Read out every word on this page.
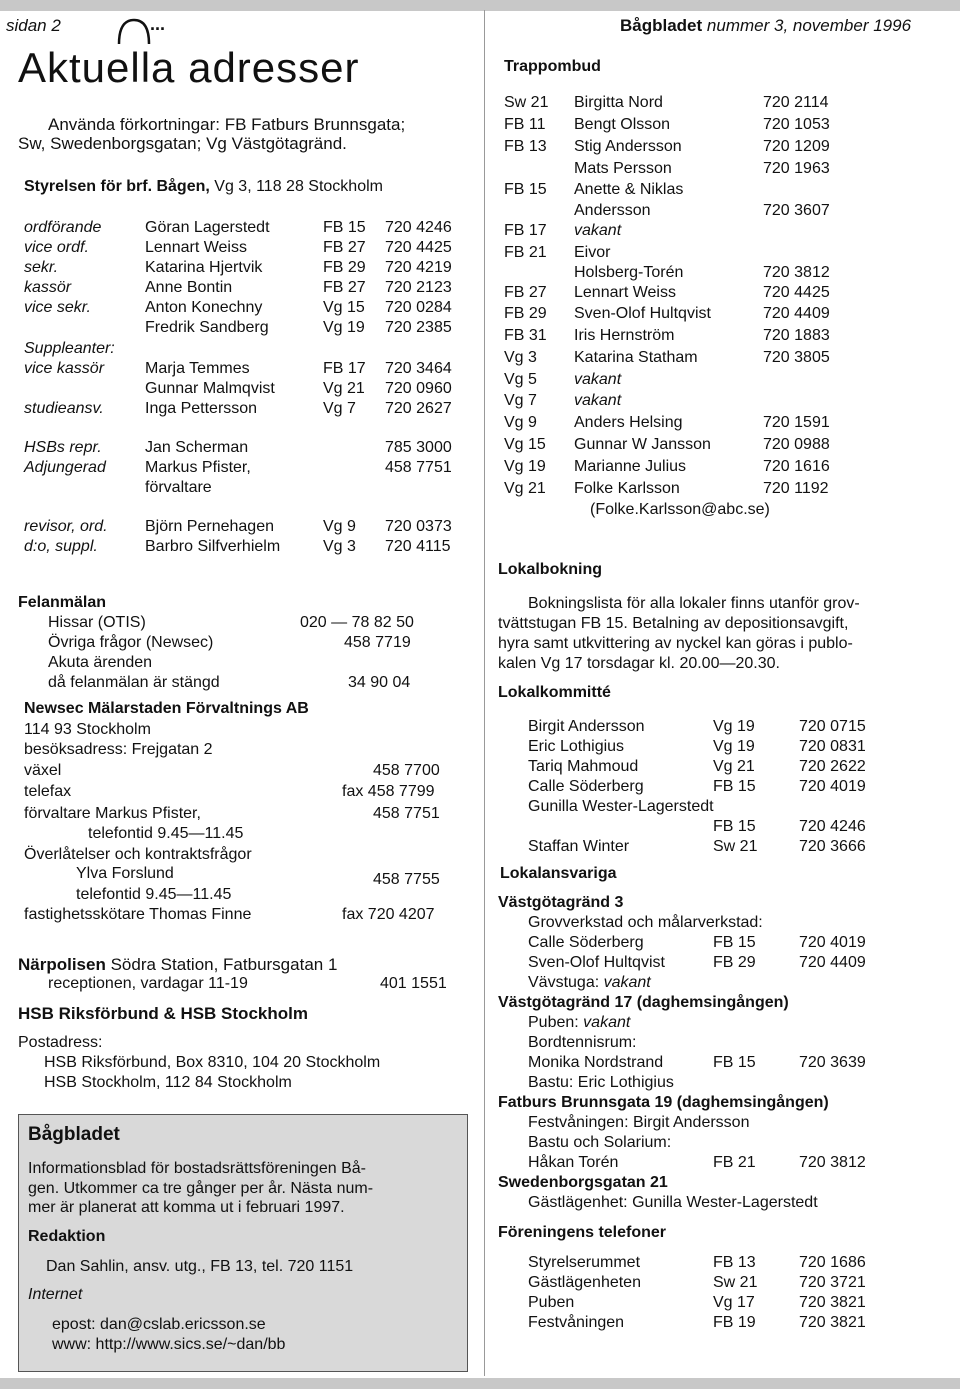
sidan 2	...	Bågbladet nummer 3, november 1996
Aktuella adresser
Använda förkortningar: FB Fatburs Brunnsgata;
Sw, Swedenborgsgatan; Vg Västgötagränd.
Styrelsen för brf. Bågen, Vg 3, 118 28 Stockholm
ordförande	Göran Lagerstedt	FB 15 720 4246
vice ordf.	Lennart Weiss	FB 27 720 4425
sekr.	Katarina Hjertvik	FB 29 720 4219
kassör	Anne Bontin	FB 27 720 2123
vice sekr.	Anton Konechny	Vg 15 720 0284
Fredrik Sandberg	Vg 19 720 2385
Suppleanter:
vice kassör	Marja Temmes	FB 17 720 3464
Gunnar Malmqvist	Vg 21 720 0960
studieansv.	Inga Pettersson	Vg 7 720 2627
HSBs repr.	Jan Scherman	785 3000
Adjungerad Markus Pfister,	458 7751
förvaltare
revisor, ord. Björn Pernehagen	Vg 9 720 0373
d:o, suppl.	Barbro Silfverhielm	Vg 3 720 4115
Felanmälan
Hissar (OTIS)	020 — 78 82 50
Övriga frågor (Newsec)	458 7719
Akuta ärenden
då felanmälan är stängd	34 90 04
Newsec Mälarstaden Förvaltnings AB
114 93 Stockholm
besöksadress: Frejgatan 2
växel	458 7700
telefax	fax 458 7799
förvaltare Markus Pfister,	458 7751
telefontid 9.45—11.45
Överlåtelser och kontraktsfrågor
Ylva Forslund	458 7755
telefontid 9.45—11.45
fastighetsskötare Thomas Finne	fax 720 4207
Närpolisen Södra Station, Fatbursgatan 1
receptionen, vardagar 11-19	401 1551
HSB Riksförbund & HSB Stockholm
Postadress:
HSB Riksförbund, Box 8310, 104 20 Stockholm
HSB Stockholm, 112 84 Stockholm
Bågbladet
Informationsblad för bostadsrättsföreningen Bå-
gen. Utkommer ca tre gånger per år. Nästa num-
mer är planerat att komma ut i februari 1997.
Redaktion
Dan Sahlin, ansv. utg., FB 13, tel. 720 1151
Internet
epost: dan@cslab.ericsson.se
www: http://www.sics.se/~dan/bb
Trappombud
Sw 21 Birgitta Nord	720 2114
FB 11 Bengt Olsson	720 1053
FB 13 Stig Andersson	720 1209
Mats Persson	720 1963
FB 15 Anette & Niklas
Andersson	720 3607
FB 17 vakant
FB 21 Eivor
Holsberg-Torén	720 3812
FB 27 Lennart Weiss	720 4425
FB 29 Sven-Olof Hultqvist	720 4409
FB 31 Iris Hernström	720 1883
Vg 3 Katarina Statham	720 3805
Vg 5 vakant
Vg 7 vakant
Vg 9 Anders Helsing	720 1591
Vg 15 Gunnar W Jansson	720 0988
Vg 19 Marianne Julius	720 1616
Vg 21 Folke Karlsson	720 1192
(Folke.Karlsson@abc.se)
Lokalbokning
Bokningslista för alla lokaler finns utanför grov-
tvättstugan FB 15. Betalning av depositionsavgift,
hyra samt utkvittering av nyckel kan göras i publo-
kalen Vg 17 torsdagar kl. 20.00—20.30.
Lokalkommitté
Birgit Andersson	Vg 19	720 0715
Eric Lothigius	Vg 19	720 0831
Tariq Mahmoud	Vg 21	720 2622
Calle Söderberg	FB 15	720 4019
Gunilla Wester-Lagerstedt
FB 15	720 4246
Staffan Winter	Sw 21	720 3666
Lokalansvariga
Västgötagränd 3
Grovverkstad och målarverkstad:
Calle Söderberg	FB 15	720 4019
Sven-Olof Hultqvist	FB 29	720 4409
Vävstuga: vakant
Västgötagränd 17 (daghemsingången)
Puben: vakant
Bordtennisrum:
Monika Nordstrand	FB 15	720 3639
Bastu: Eric Lothigius
Fatburs Brunnsgata 19 (daghemsingången)
Festvåningen: Birgit Andersson
Bastu och Solarium:
Håkan Torén	FB 21	720 3812
Swedenborgsgatan 21
Gästlägenhet: Gunilla Wester-Lagerstedt
Föreningens telefoner
Styrelserummet	FB 13	720 1686
Gästlägenheten	Sw 21	720 3721
Puben	Vg 17	720 3821
Festvåningen	FB 19	720 3821
